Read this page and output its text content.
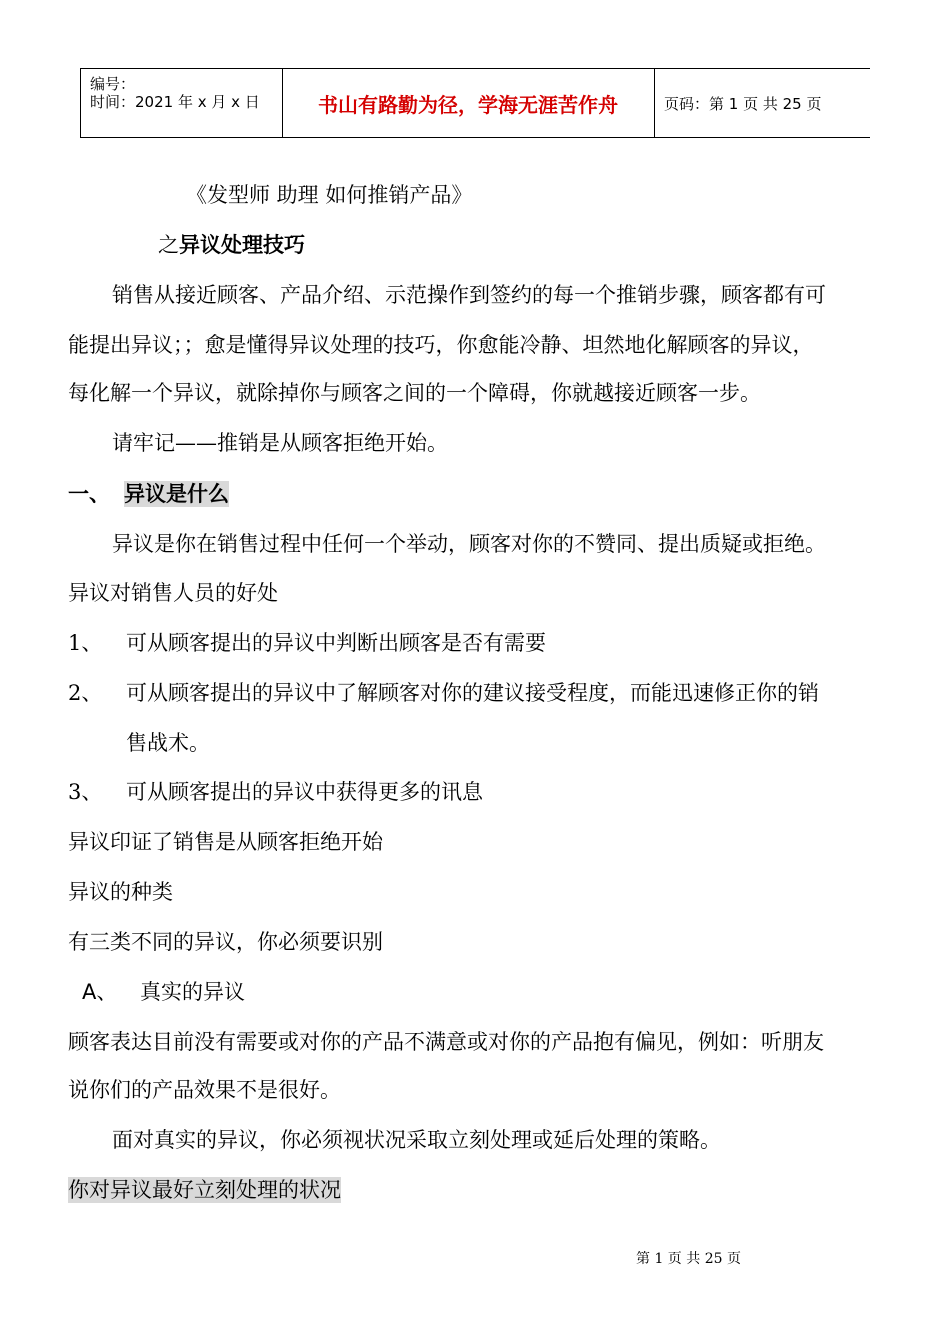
编号：
时间：2021 年 x 月 x 日	书山有路勤为径，学海无涯苦作舟	页码：第 1 页 共 25 页
《发型师 助理 如何推销产品》
之异议处理技巧
销售从接近顾客、产品介绍、示范操作到签约的每一个推销步骤，顾客都有可
能提出异议；；愈是懂得异议处理的技巧，你愈能冷静、坦然地化解顾客的异议，
每化解一个异议，就除掉你与顾客之间的一个障碍，你就越接近顾客一步。
请牢记——推销是从顾客拒绝开始。
一、 异议是什么
异议是你在销售过程中任何一个举动，顾客对你的不赞同、提出质疑或拒绝。
异议对销售人员的好处
1、 可从顾客提出的异议中判断出顾客是否有需要
2、 可从顾客提出的异议中了解顾客对你的建议接受程度，而能迅速修正你的销
售战术。
3、 可从顾客提出的异议中获得更多的讯息
异议印证了销售是从顾客拒绝开始
异议的种类
有三类不同的异议，你必须要识别
A、 真实的异议
顾客表达目前没有需要或对你的产品不满意或对你的产品抱有偏见，例如：听朋友
说你们的产品效果不是很好。
面对真实的异议，你必须视状况采取立刻处理或延后处理的策略。
你对异议最好立刻处理的状况
第 1 页 共 25 页
